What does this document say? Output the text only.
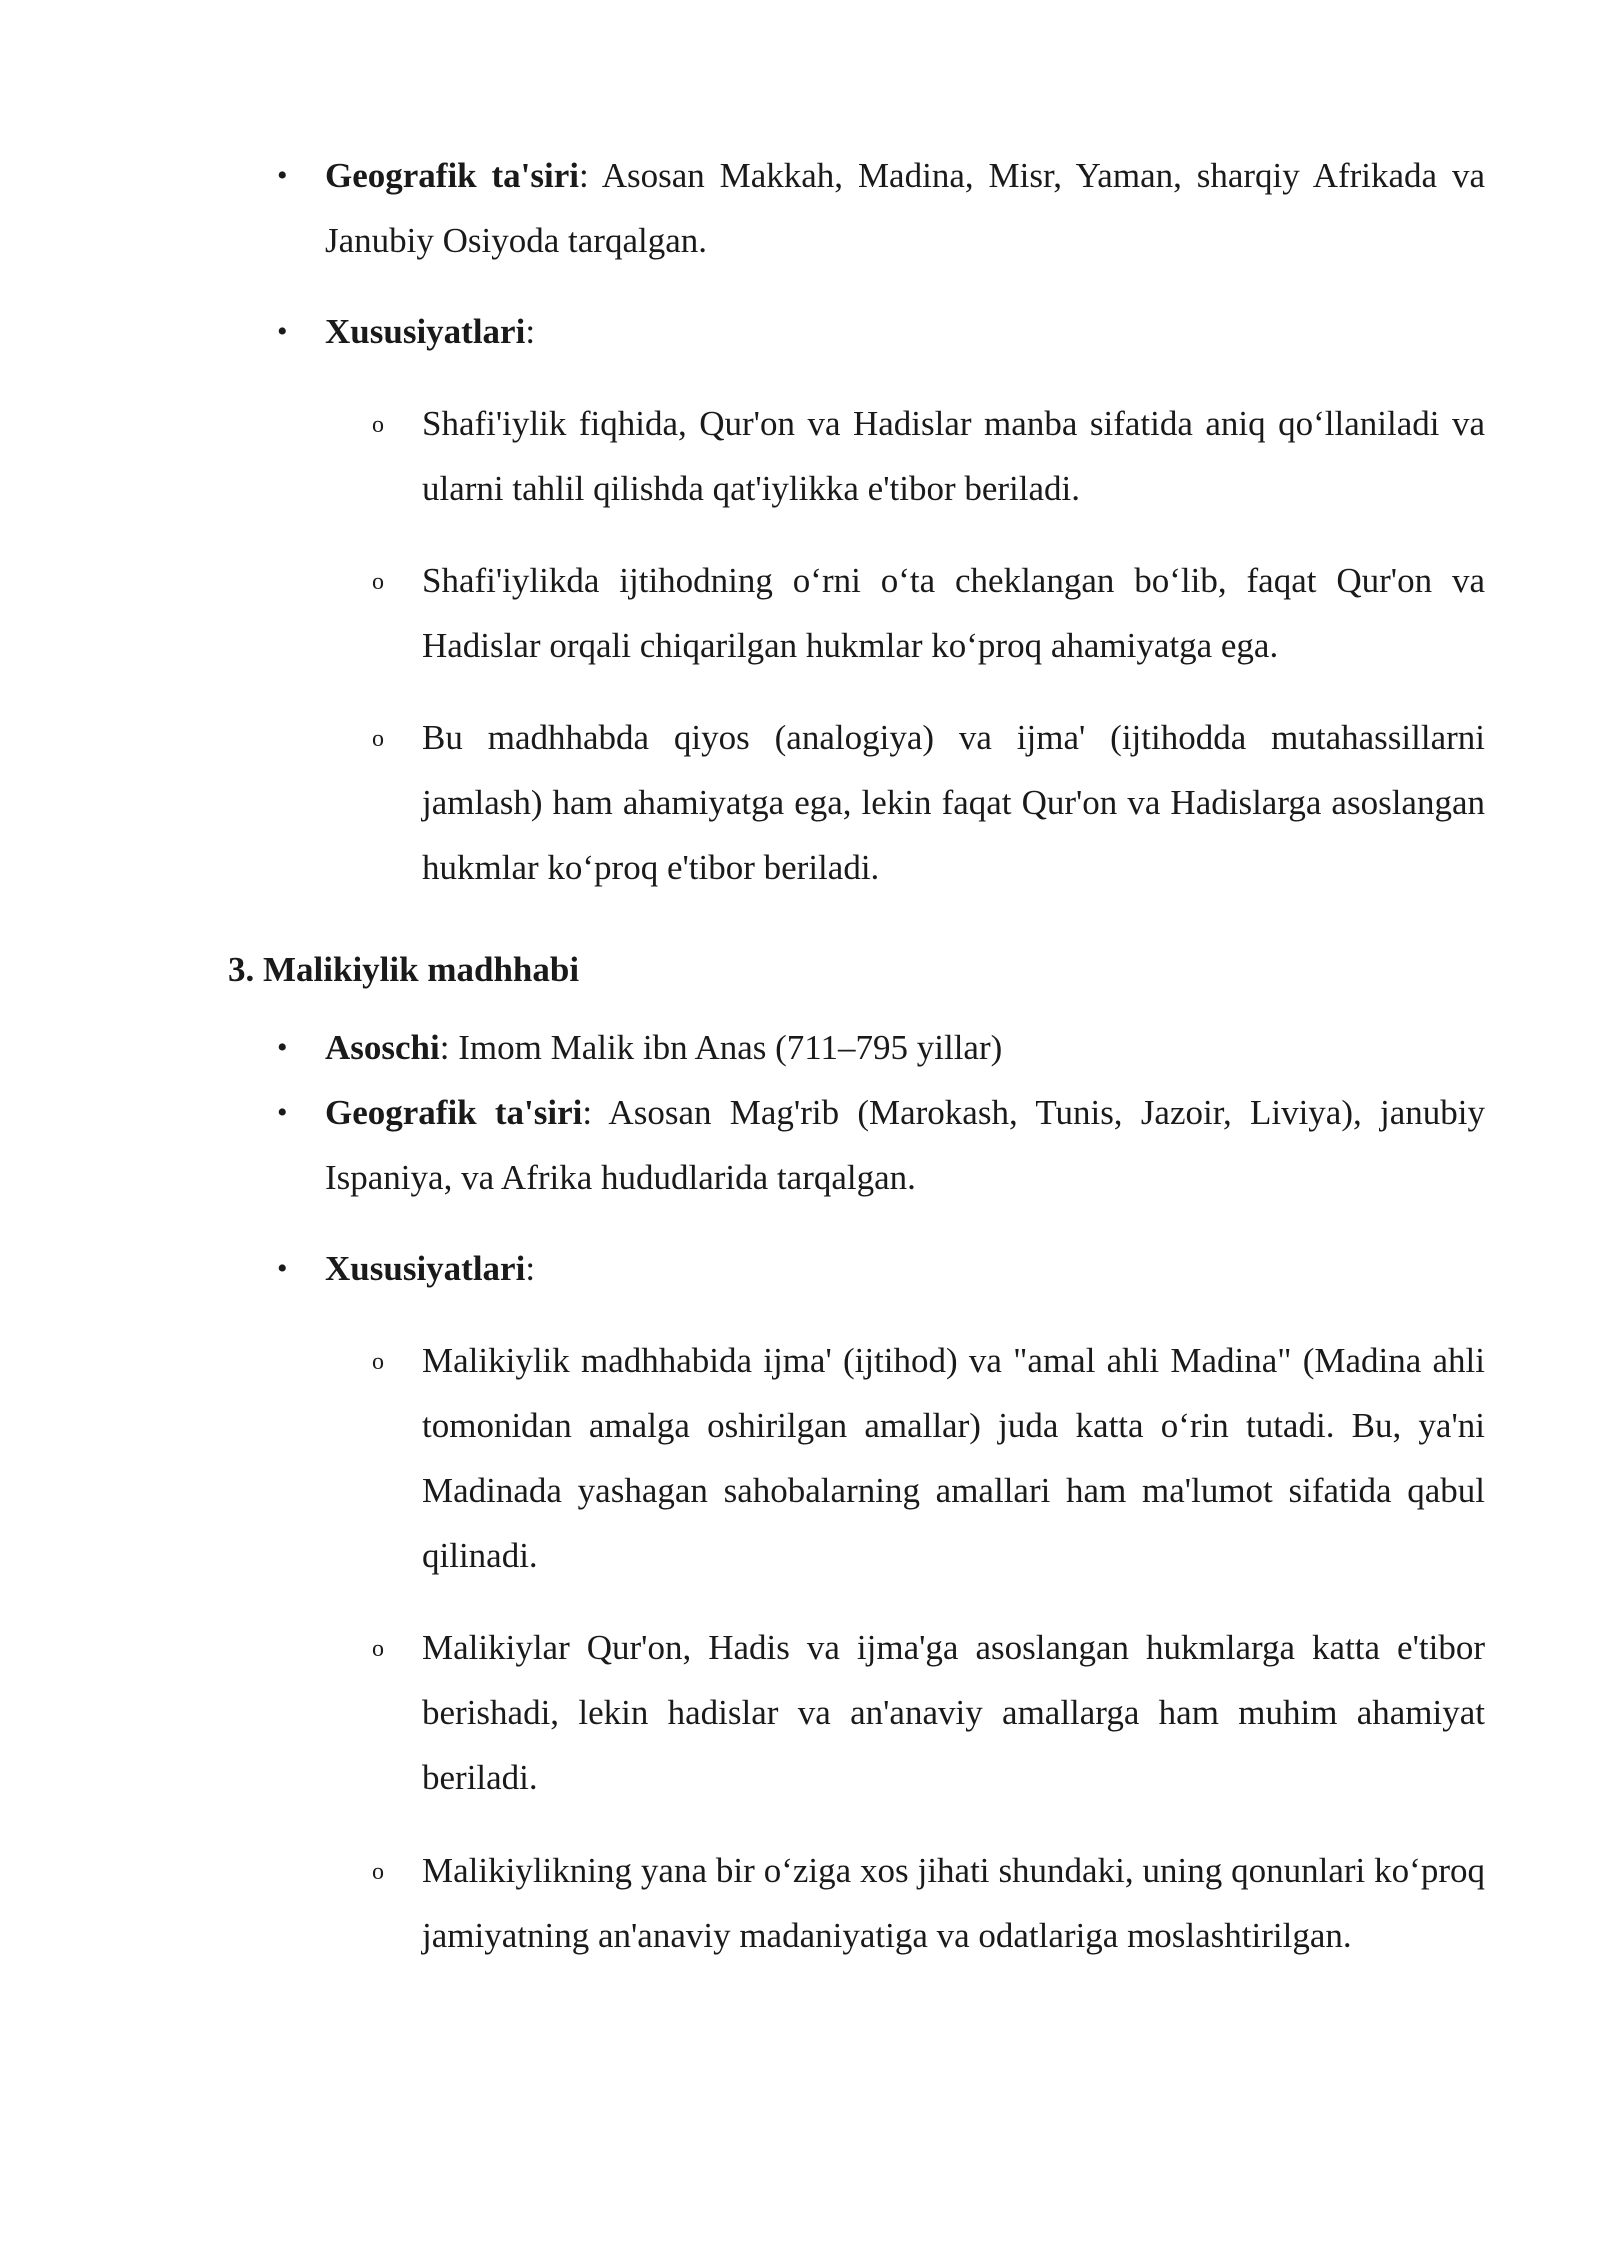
• Geografik ta'siri: Asosan Makkah, Madina, Misr, Yaman, sharqiy Afrikada va Janubiy Osiyoda tarqalgan.
• Xususiyatlari:
o Shafi'iylik fiqhida, Qur'on va Hadislar manba sifatida aniq qo‘llaniladi va ularni tahlil qilishda qat'iylikka e'tibor beriladi.
o Shafi'iylikda ijtihodning o‘rni o‘ta cheklangan bo‘lib, faqat Qur'on va Hadislar orqali chiqarilgan hukmlar ko‘proq ahamiyatga ega.
o Bu madhhabda qiyos (analogiya) va ijma' (ijtihodda mutahassillarni jamlash) ham ahamiyatga ega, lekin faqat Qur'on va Hadislarga asoslangan hukmlar ko‘proq e'tibor beriladi.
3. Malikiylik madhhabi
• Asoschi: Imom Malik ibn Anas (711–795 yillar)
• Geografik ta'siri: Asosan Mag'rib (Marokash, Tunis, Jazoir, Liviya), janubiy Ispaniya, va Afrika hududlarida tarqalgan.
• Xususiyatlari:
o Malikiylik madhhabida ijma' (ijtihod) va "amal ahli Madina" (Madina ahli tomonidan amalga oshirilgan amallar) juda katta o‘rin tutadi. Bu, ya'ni Madinada yashagan sahobalarning amallari ham ma'lumot sifatida qabul qilinadi.
o Malikiylar Qur'on, Hadis va ijma'ga asoslangan hukmlarga katta e'tibor berishadi, lekin hadislar va an'anaviy amallarga ham muhim ahamiyat beriladi.
o Malikiylikning yana bir o‘ziga xos jihati shundaki, uning qonunlari ko‘proq jamiyatning an'anaviy madaniyatiga va odatlariga moslashtirilgan.
